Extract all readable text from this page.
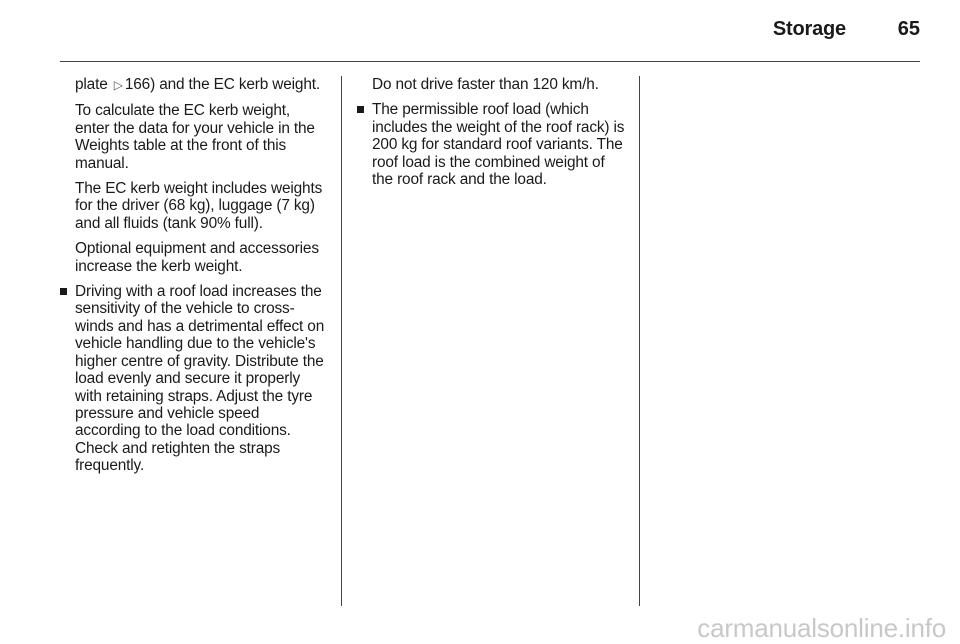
Storage	65

plate ▷ 166) and the EC kerb weight.

To calculate the EC kerb weight, enter the data for your vehicle in the Weights table at the front of this manual.

The EC kerb weight includes weights for the driver (68 kg), luggage (7 kg) and all fluids (tank 90% full).

Optional equipment and accessories increase the kerb weight.

Driving with a roof load increases the sensitivity of the vehicle to cross-winds and has a detrimental effect on vehicle handling due to the vehicle's higher centre of gravity. Distribute the load evenly and secure it properly with retaining straps. Adjust the tyre pressure and vehicle speed according to the load conditions. Check and retighten the straps frequently.

Do not drive faster than 120 km/h.

The permissible roof load (which includes the weight of the roof rack) is 200 kg for standard roof variants. The roof load is the combined weight of the roof rack and the load.
carmanualsonline.info
